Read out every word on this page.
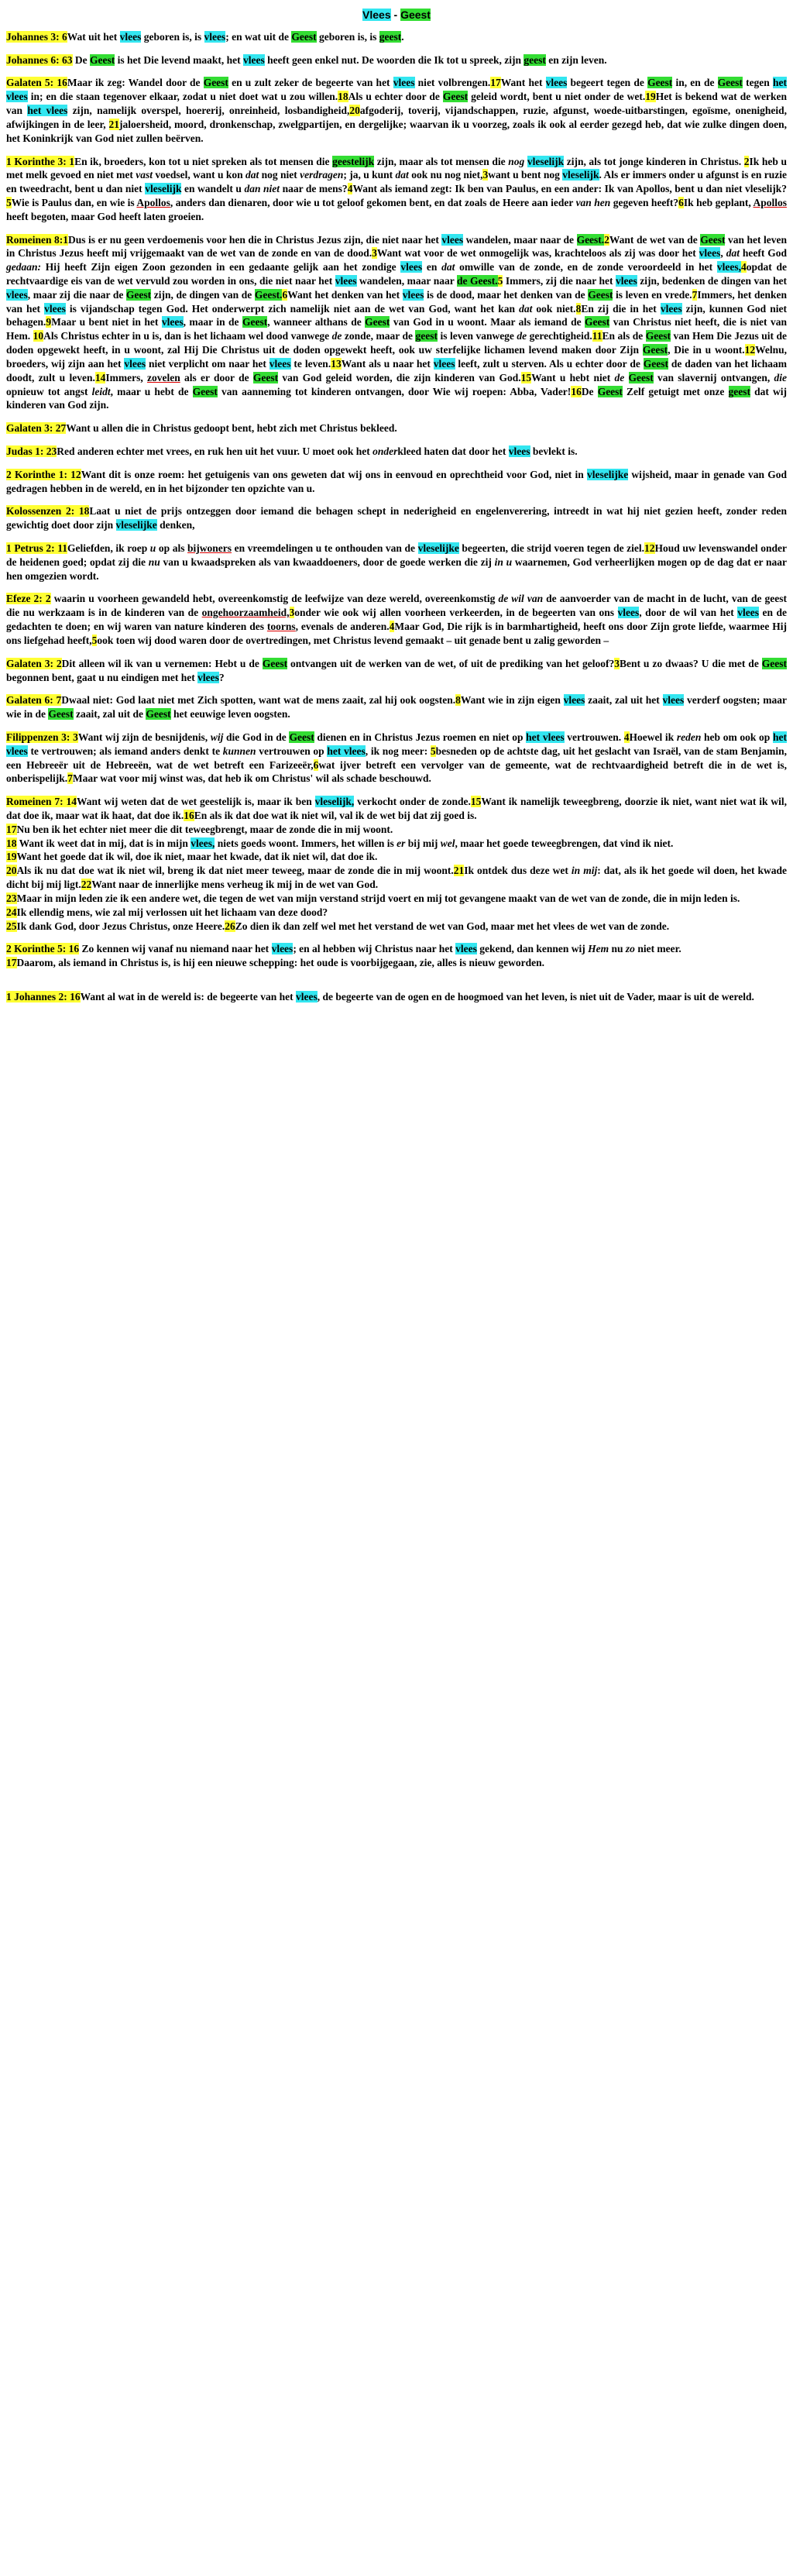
Vlees - Geest

Johannes 3: 6Wat uit het vlees geboren is, is vlees; en wat uit de Geest geboren is, is geest.

Johannes 6: 63 De Geest is het Die levend maakt, het vlees heeft geen enkel nut. De woorden die Ik tot u spreek, zijn geest en zijn leven.

Galaten 5: 16Maar ik zeg: Wandel door de Geest en u zult zeker de begeerte van het vlees niet volbrengen.17Want het vlees begeert tegen de Geest in, en de Geest tegen het vlees in; en die staan tegenover elkaar, zodat u niet doet wat u zou willen.18Als u echter door de Geest geleid wordt, bent u niet onder de wet.19Het is bekend wat de werken van het vlees zijn, namelijk overspel, hoererij, onreinheid, losbandigheid,20afgoderij, toverij, vijandschappen, ruzie, afgunst, woede-uitbarstingen, egoïsme, onenigheid, afwijkingen in de leer, 21jaloersheid, moord, dronkenschap, zwelgpartijen, en dergelijke; waarvan ik u voorzeg, zoals ik ook al eerder gezegd heb, dat wie zulke dingen doen, het Koninkrijk van God niet zullen beërven.

1 Korinthe 3: 1En ik, broeders, kon tot u niet spreken als tot mensen die geestelijk zijn, maar als tot mensen die nog vleselijk zijn, als tot jonge kinderen in Christus. 2Ik heb u met melk gevoed en niet met vast voedsel, want u kon dat nog niet verdragen; ja, u kunt dat ook nu nog niet,3want u bent nog vleselijk. Als er immers onder u afgunst is en ruzie en tweedracht, bent u dan niet vleselijk en wandelt u dan niet naar de mens?4Want als iemand zegt: Ik ben van Paulus, en een ander: Ik van Apollos, bent u dan niet vleselijk?5Wie is Paulus dan, en wie is Apollos, anders dan dienaren, door wie u tot geloof gekomen bent, en dat zoals de Heere aan ieder van hen gegeven heeft?6Ik heb geplant, Apollos heeft begoten, maar God heeft laten groeien.

Romeinen 8:1Dus is er nu geen verdoemenis voor hen die in Christus Jezus zijn, die niet naar het vlees wandelen, maar naar de Geest.2Want de wet van de Geest van het leven in Christus Jezus heeft mij vrijgemaakt van de wet van de zonde en van de dood.3Want wat voor de wet onmogelijk was, krachteloos als zij was door het vlees, dat heeft God gedaan: Hij heeft Zijn eigen Zoon gezonden in een gedaante gelijk aan het zondige vlees en dat omwille van de zonde, en de zonde veroordeeld in het vlees,4opdat de rechtvaardige eis van de wet vervuld zou worden in ons, die niet naar het vlees wandelen, maar naar de Geest.5 Immers, zij die naar het vlees zijn, bedenken de dingen van het vlees, maar zij die naar de Geest zijn, de dingen van de Geest.6Want het denken van het vlees is de dood, maar het denken van de Geest is leven en vrede.7Immers, het denken van het vlees is vijandschap tegen God. Het onderwerpt zich namelijk niet aan de wet van God, want het kan dat ook niet.8En zij die in het vlees zijn, kunnen God niet behagen.9Maar u bent niet in het vlees, maar in de Geest, wanneer althans de Geest van God in u woont. Maar als iemand de Geest van Christus niet heeft, die is niet van Hem. 10Als Christus echter in u is, dan is het lichaam wel dood vanwege de zonde, maar de geest is leven vanwege de gerechtigheid.11En als de Geest van Hem Die Jezus uit de doden opgewekt heeft, in u woont, zal Hij Die Christus uit de doden opgewekt heeft, ook uw sterfelijke lichamen levend maken door Zijn Geest, Die in u woont.12Welnu, broeders, wij zijn aan het vlees niet verplicht om naar het vlees te leven.13Want als u naar het vlees leeft, zult u sterven. Als u echter door de Geest de daden van het lichaam doodt, zult u leven.14Immers, zovelen als er door de Geest van God geleid worden, die zijn kinderen van God.15Want u hebt niet de Geest van slavernij ontvangen, die opnieuw tot angst leidt, maar u hebt de Geest van aanneming tot kinderen ontvangen, door Wie wij roepen: Abba, Vader!16De Geest Zelf getuigt met onze geest dat wij kinderen van God zijn.

Galaten 3: 27Want u allen die in Christus gedoopt bent, hebt zich met Christus bekleed.

Judas 1: 23Red anderen echter met vrees, en ruk hen uit het vuur. U moet ook het onderkleed haten dat door het vlees bevlekt is.

2 Korinthe 1: 12Want dit is onze roem: het getuigenis van ons geweten dat wij ons in eenvoud en oprechtheid voor God, niet in vleselijke wijsheid, maar in genade van God gedragen hebben in de wereld, en in het bijzonder ten opzichte van u.

Kolossenzen 2: 18Laat u niet de prijs ontzeggen door iemand die behagen schept in nederigheid en engelenverering, intreedt in wat hij niet gezien heeft, zonder reden gewichtig doet door zijn vleselijke denken,

1 Petrus 2: 11Geliefden, ik roep u op als bijwoners en vreemdelingen u te onthouden van de vleselijke begeerten, die strijd voeren tegen de ziel.12Houd uw levenswandel onder de heidenen goed; opdat zij die nu van u kwaadspreken als van kwaaddoeners, door de goede werken die zij in u waarnemen, God verheerlijken mogen op de dag dat er naar hen omgezien wordt.

Efeze 2: 2 waarin u voorheen gewandeld hebt, overeenkomstig de leefwijze van deze wereld, overeenkomstig de wil van de aanvoerder van de macht in de lucht, van de geest die nu werkzaam is in de kinderen van de ongehoorzaamheid,3onder wie ook wij allen voorheen verkeerden, in de begeerten van ons vlees, door de wil van het vlees en de gedachten te doen; en wij waren van nature kinderen des toorns, evenals de anderen.4Maar God, Die rijk is in barmhartigheid, heeft ons door Zijn grote liefde, waarmee Hij ons liefgehad heeft,5ook toen wij dood waren door de overtredingen, met Christus levend gemaakt – uit genade bent u zalig geworden –

Galaten 3: 2Dit alleen wil ik van u vernemen: Hebt u de Geest ontvangen uit de werken van de wet, of uit de prediking van het geloof?3Bent u zo dwaas? U die met de Geest begonnen bent, gaat u nu eindigen met het vlees?

Galaten 6: 7Dwaal niet: God laat niet met Zich spotten, want wat de mens zaait, zal hij ook oogsten.8Want wie in zijn eigen vlees zaait, zal uit het vlees verderf oogsten; maar wie in de Geest zaait, zal uit de Geest het eeuwige leven oogsten.

Filippenzen 3: 3Want wij zijn de besnijdenis, wij die God in de Geest dienen en in Christus Jezus roemen en niet op het vlees vertrouwen. 4Hoewel ik reden heb om ook op het vlees te vertrouwen; als iemand anders denkt te kunnen vertrouwen op het vlees, ik nog meer: 5besneden op de achtste dag, uit het geslacht van Israël, van de stam Benjamin, een Hebreeër uit de Hebreeën, wat de wet betreft een Farizeeër,6wat ijver betreft een vervolger van de gemeente, wat de rechtvaardigheid betreft die in de wet is, onberispelijk.7Maar wat voor mij winst was, dat heb ik om Christus' wil als schade beschouwd.

Romeinen 7: 14Want wij weten dat de wet geestelijk is, maar ik ben vleselijk, verkocht onder de zonde.15Want ik namelijk teweegbreng, doorzie ik niet, want niet wat ik wil, dat doe ik, maar wat ik haat, dat doe ik.16En als ik dat doe wat ik niet wil, val ik de wet bij dat zij goed is.
17Nu ben ik het echter niet meer die dit teweegbrengt, maar de zonde die in mij woont.
18 Want ik weet dat in mij, dat is in mijn vlees, niets goeds woont. Immers, het willen is er bij mij wel, maar het goede teweegbrengen, dat vind ik niet.
19Want het goede dat ik wil, doe ik niet, maar het kwade, dat ik niet wil, dat doe ik.
20Als ik nu dat doe wat ik niet wil, breng ik dat niet meer teweeg, maar de zonde die in mij woont.21Ik ontdek dus deze wet in mij: dat, als ik het goede wil doen, het kwade dicht bij mij ligt.22Want naar de innerlijke mens verheug ik mij in de wet van God.
23Maar in mijn leden zie ik een andere wet, die tegen de wet van mijn verstand strijd voert en mij tot gevangene maakt van de wet van de zonde, die in mijn leden is.
24Ik ellendig mens, wie zal mij verlossen uit het lichaam van deze dood?
25Ik dank God, door Jezus Christus, onze Heere.26Zo dien ik dan zelf wel met het verstand de wet van God, maar met het vlees de wet van de zonde.

2 Korinthe 5: 16 Zo kennen wij vanaf nu niemand naar het vlees; en al hebben wij Christus naar het vlees gekend, dan kennen wij Hem nu zo niet meer.
17Daarom, als iemand in Christus is, is hij een nieuwe schepping: het oude is voorbijgegaan, zie, alles is nieuw geworden.

1 Johannes 2: 16Want al wat in de wereld is: de begeerte van het vlees, de begeerte van de ogen en de hoogmoed van het leven, is niet uit de Vader, maar is uit de wereld.
